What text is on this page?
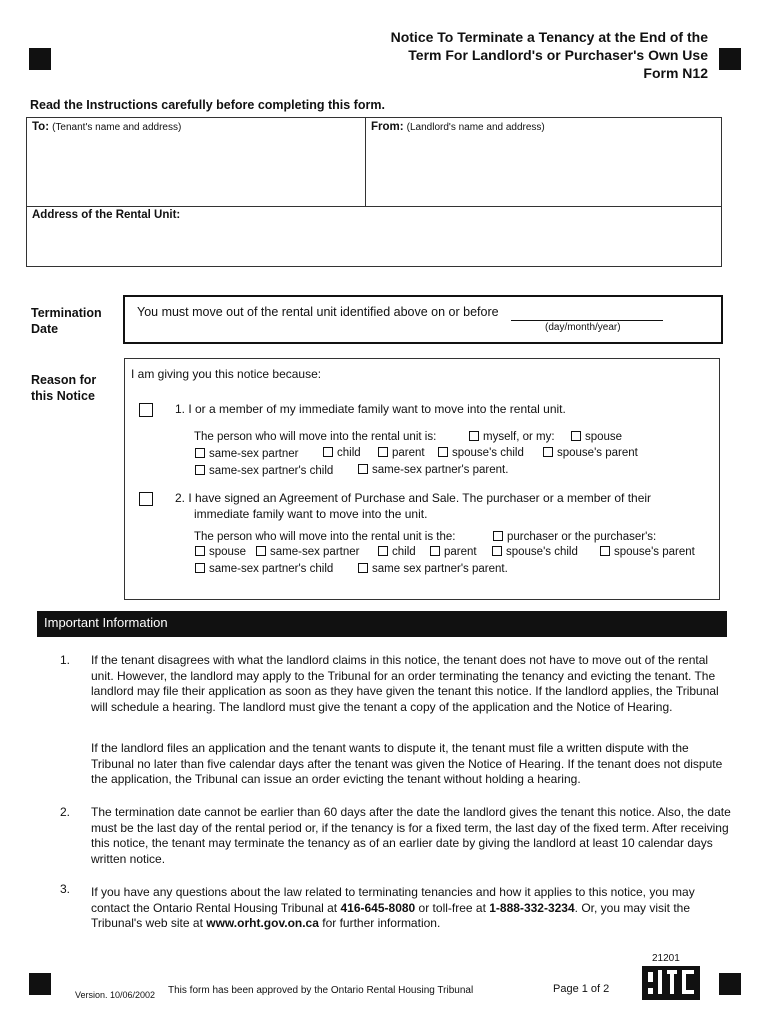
Notice To Terminate a Tenancy at the End of the
Term For Landlord's or Purchaser's Own Use
Form N12
Read the Instructions carefully before completing this form.
To: (Tenant's name and address)	From: (Landlord's name and address)
Address of the Rental Unit:
Termination
Date
You must move out of the rental unit identified above on or before
(day/month/year)
Reason for
this Notice
I am giving you this notice because:
1. I or a member of my immediate family want to move into the rental unit.
The person who will move into the rental unit is:	myself, or my:	spouse
same-sex partner	child	parent	spouse's child	spouse's parent
same-sex partner's child	same-sex partner's parent.
2. I have signed an Agreement of Purchase and Sale. The purchaser or a member of their
immediate family want to move into the unit.
The person who will move into the rental unit is the:	purchaser or the purchaser's:
spouse	same-sex partner	child	parent	spouse's child	spouse's parent
same-sex partner's child	same sex partner's parent.
Important Information
1. If the tenant disagrees with what the landlord claims in this notice, the tenant does not have to move out of the rental unit. However, the landlord may apply to the Tribunal for an order terminating the tenancy and evicting the tenant. The landlord may file their application as soon as they have given the tenant this notice. If the landlord applies, the Tribunal will schedule a hearing. The landlord must give the tenant a copy of the application and the Notice of Hearing.
If the landlord files an application and the tenant wants to dispute it, the tenant must file a written dispute with the Tribunal no later than five calendar days after the tenant was given the Notice of Hearing. If the tenant does not dispute the application, the Tribunal can issue an order evicting the tenant without holding a hearing.
2. The termination date cannot be earlier than 60 days after the date the landlord gives the tenant this notice. Also, the date must be the last day of the rental period or, if the tenancy is for a fixed term, the last day of the fixed term. After receiving this notice, the tenant may terminate the tenancy as of an earlier date by giving the landlord at least 10 calendar days written notice.
3. If you have any questions about the law related to terminating tenancies and how it applies to this notice, you may contact the Ontario Rental Housing Tribunal at 416-645-8080 or toll-free at 1-888-332-3234. Or, you may visit the Tribunal's web site at www.orht.gov.on.ca for further information.
21201
Version. 10/06/2002 This form has been approved by the Ontario Rental Housing Tribunal	Page 1 of 2
